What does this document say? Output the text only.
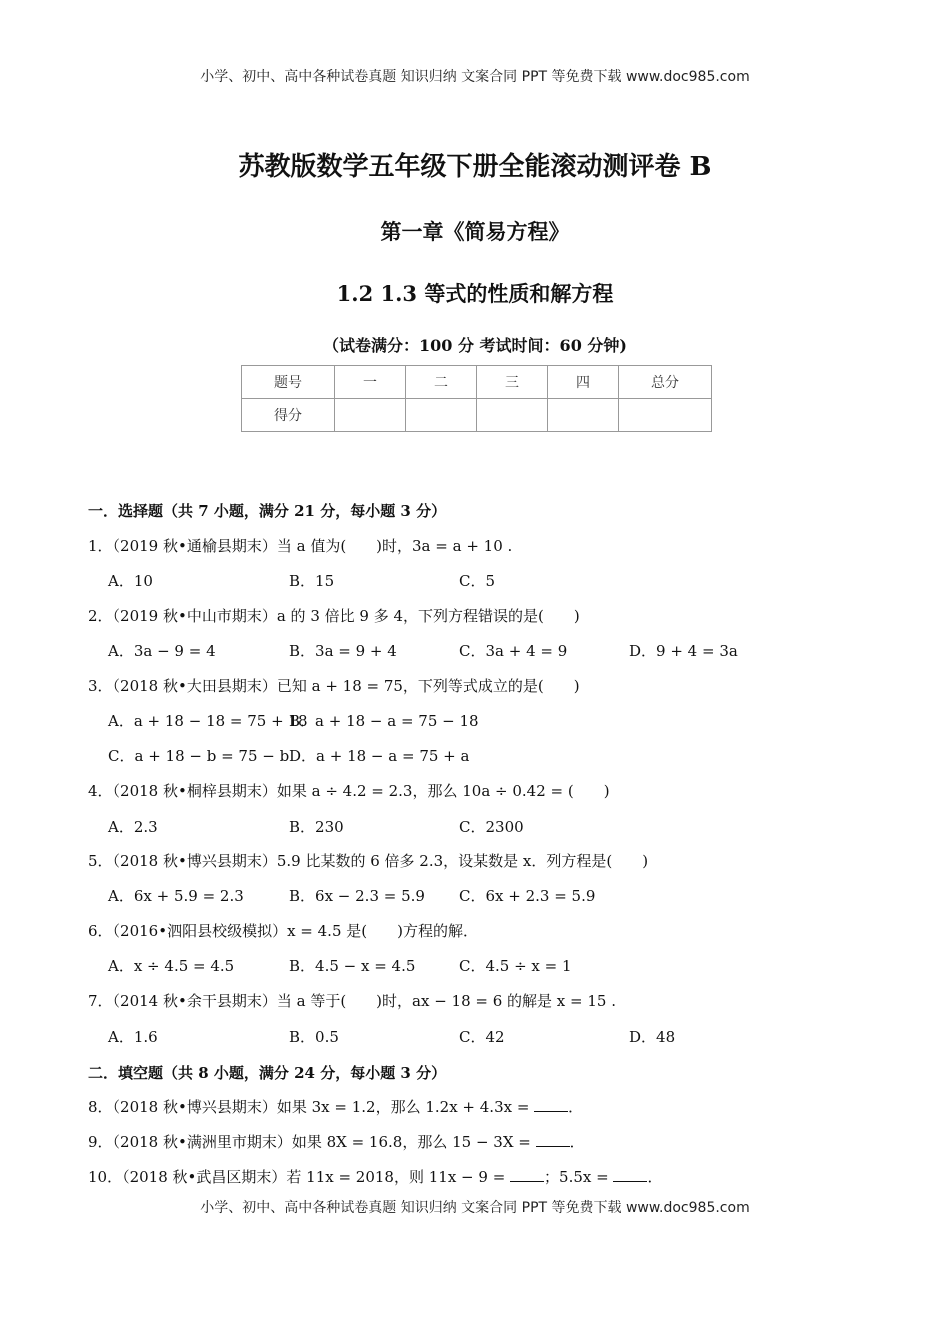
小学、初中、高中各种试卷真题 知识归纳 文案合同 PPT 等免费下载 www.doc985.com
苏教版数学五年级下册全能滚动测评卷 B
第一章《简易方程》
1.2 1.3 等式的性质和解方程
（试卷满分：100 分 考试时间：60 分钟)
题号	一	二	三	四	总分
得分					
一．选择题（共 7 小题，满分 21 分，每小题 3 分）
1．（2019 秋•通榆县期末）当 a 值为(　　)时，3a = a + 10 .
A．10	B．15	C．5
2．（2019 秋•中山市期末）a 的 3 倍比 9 多 4，下列方程错误的是(　　)
A．3a − 9 = 4	B．3a = 9 + 4	C．3a + 4 = 9	D．9 + 4 = 3a
3．（2018 秋•大田县期末）已知 a + 18 = 75，下列等式成立的是(　　)
A．a + 18 − 18 = 75 + 18
B．a + 18 − a = 75 − 18
C．a + 18 − b = 75 − b D．a + 18 − a = 75 + a
4．（2018 秋•桐梓县期末）如果 a ÷ 4.2 = 2.3，那么 10a ÷ 0.42 = (　　)
A．2.3	B．230	C．2300
5．（2018 秋•博兴县期末）5.9 比某数的 6 倍多 2.3，设某数是 x．列方程是(　　)
A．6x + 5.9 = 2.3	B．6x − 2.3 = 5.9 C．6x + 2.3 = 5.9
6．（2016•泗阳县校级模拟）x = 4.5 是(　　)方程的解．
A．x ÷ 4.5 = 4.5	B．4.5 − x = 4.5	C．4.5 ÷ x = 1
7．（2014 秋•余干县期末）当 a 等于(　　)时，ax − 18 = 6 的解是 x = 15 .
A．1.6	B．0.5	C．42	D．48
二．填空题（共 8 小题，满分 24 分，每小题 3 分）
8．（2018 秋•博兴县期末）如果 3x = 1.2，那么 1.2x + 4.3x = ．
9．（2018 秋•满洲里市期末）如果 8X = 16.8，那么 15 − 3X = ．
10．（2018 秋•武昌区期末）若 11x = 2018，则 11x − 9 = ；5.5x = ．
小学、初中、高中各种试卷真题 知识归纳 文案合同 PPT 等免费下载 www.doc985.com
